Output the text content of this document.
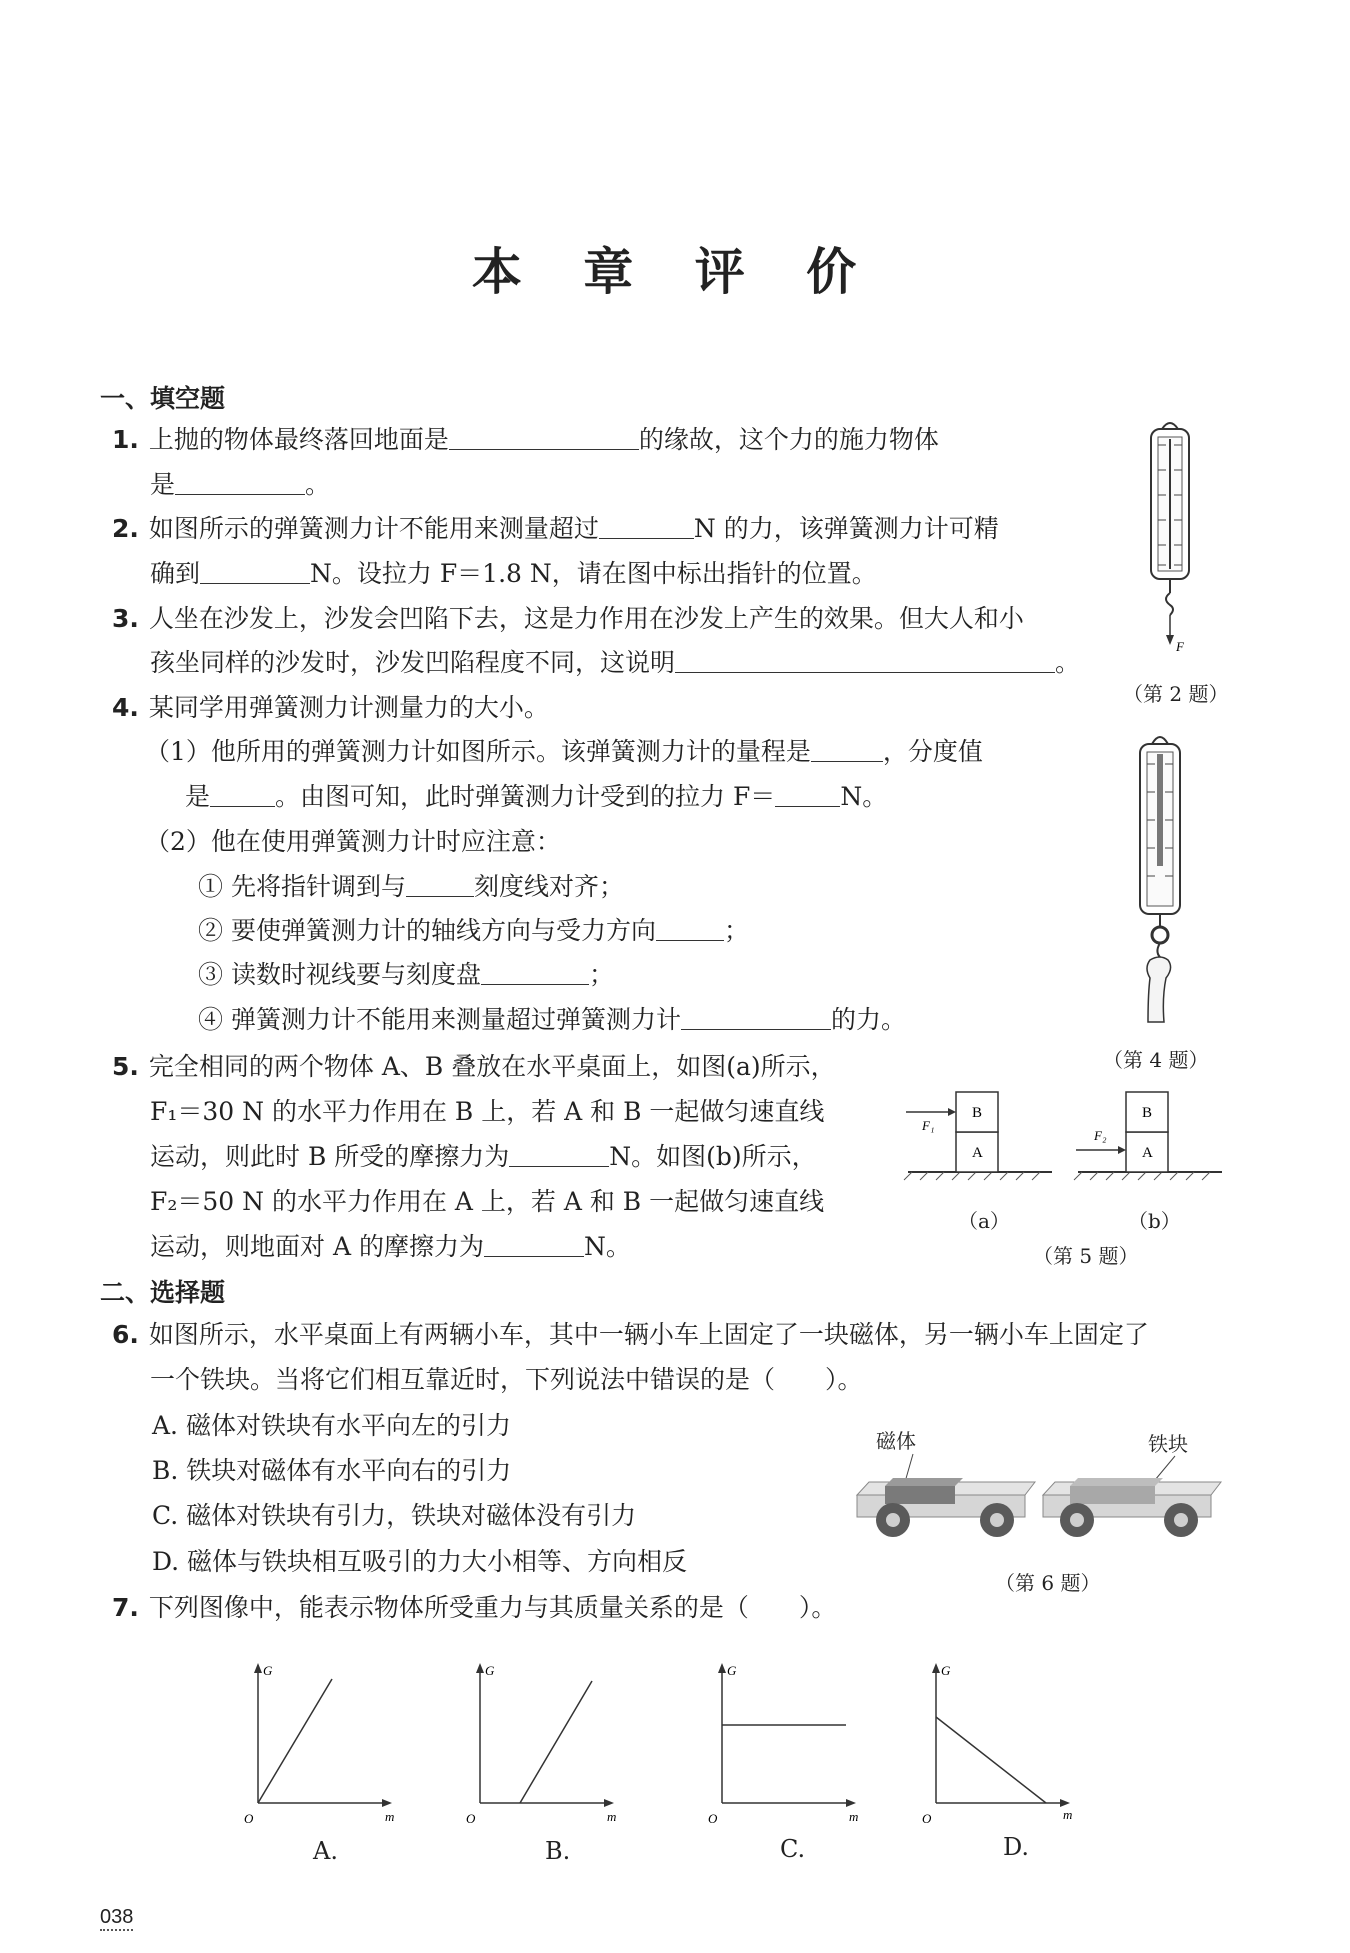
本 章 评 价
一、填空题
1. 上抛的物体最终落回地面是	的缘故，这个力的施力物体
是	。
2. 如图所示的弹簧测力计不能用来测量超过	N 的力，该弹簧测力计可精
确到	N。设拉力 F＝1.8 N，请在图中标出指针的位置。
3. 人坐在沙发上，沙发会凹陷下去，这是力作用在沙发上产生的效果。但大人和小
孩坐同样的沙发时，沙发凹陷程度不同，这说明	。
4. 某同学用弹簧测力计测量力的大小。
（1）他所用的弹簧测力计如图所示。该弹簧测力计的量程是	，分度值
是	。由图可知，此时弹簧测力计受到的拉力 F＝	N。
（2）他在使用弹簧测力计时应注意：
① 先将指针调到与	刻度线对齐；
② 要使弹簧测力计的轴线方向与受力方向	；
③ 读数时视线要与刻度盘	；
④ 弹簧测力计不能用来测量超过弹簧测力计	的力。
5. 完全相同的两个物体 A、B 叠放在水平桌面上，如图(a)所示，
F₁＝30 N 的水平力作用在 B 上，若 A 和 B 一起做匀速直线
运动，则此时 B 所受的摩擦力为	N。如图(b)所示，
F₂＝50 N 的水平力作用在 A 上，若 A 和 B 一起做匀速直线
运动，则地面对 A 的摩擦力为	N。
二、选择题
6. 如图所示，水平桌面上有两辆小车，其中一辆小车上固定了一块磁体，另一辆小车上固定了
一个铁块。当将它们相互靠近时，下列说法中错误的是（　　）。
A. 磁体对铁块有水平向左的引力
B. 铁块对磁体有水平向右的引力
C. 磁体对铁块有引力，铁块对磁体没有引力
D. 磁体与铁块相互吸引的力大小相等、方向相反
7. 下列图像中，能表示物体所受重力与其质量关系的是（　　）。
F
（第 2 题）
（第 4 题）
A
B
F₁
A
B
F₂
（a）	（b）
（第 5 题）
磁体	铁块
（第 6 题）
G
m
O
G
m
O
G
m
O
G
m
O
A.	B.	C.	D.
038
